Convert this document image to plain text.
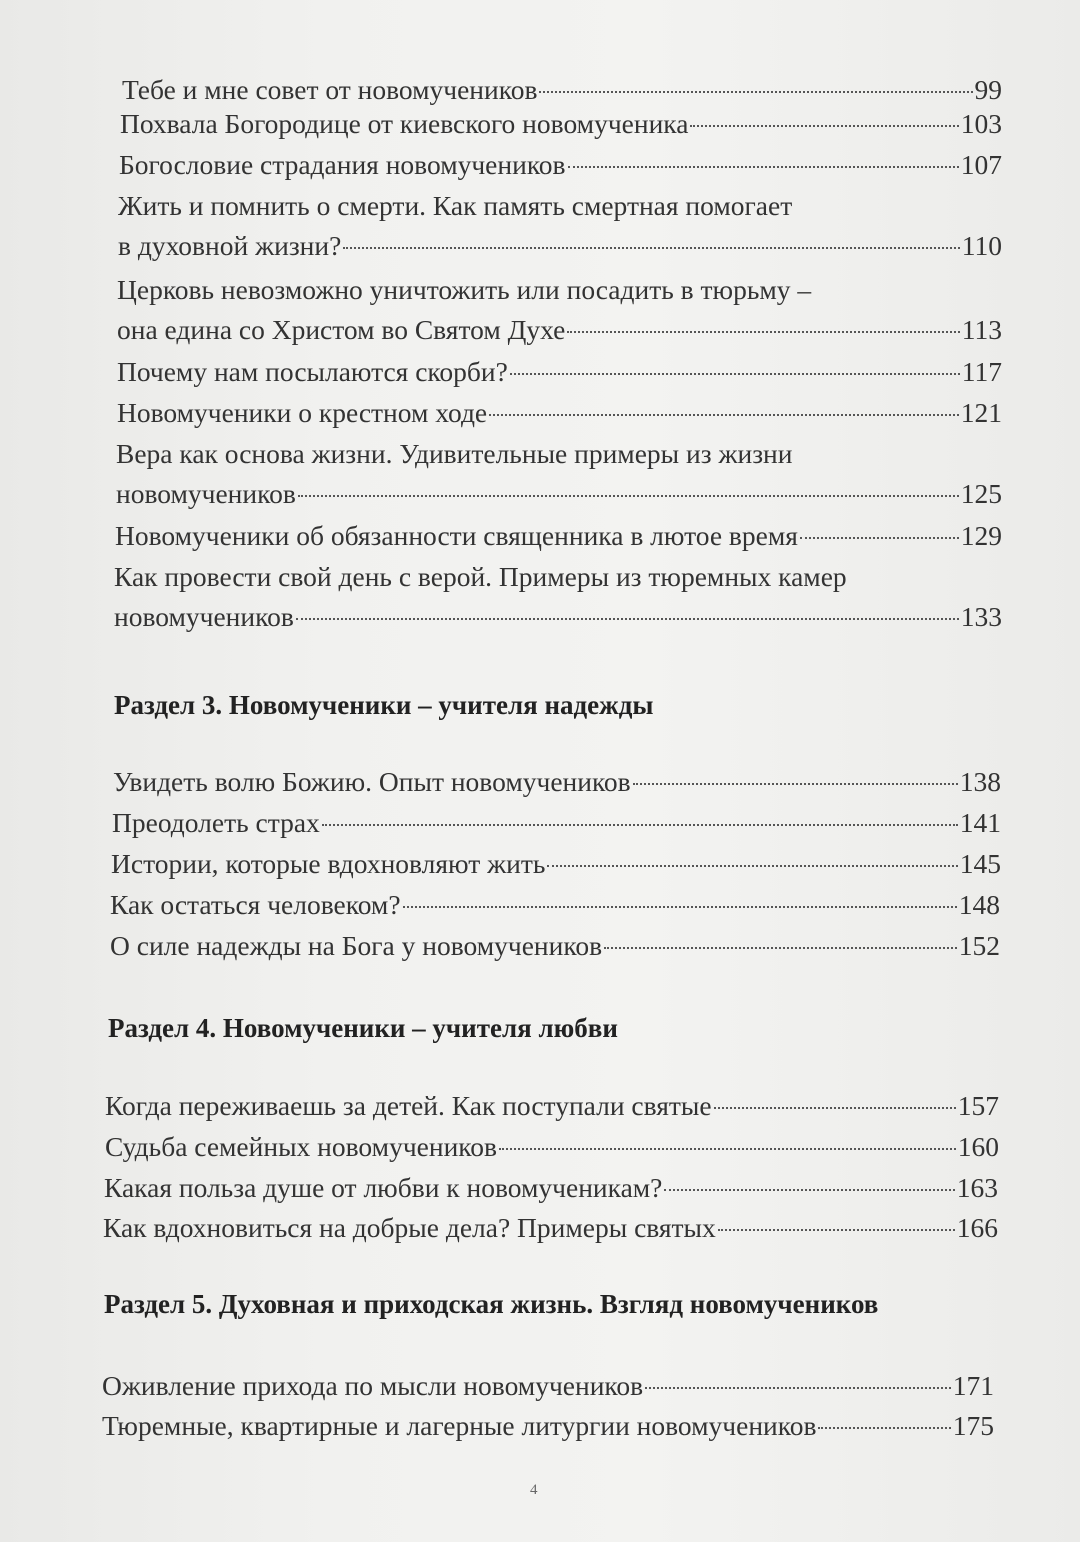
Тебе и мне совет от новомучеников	99
Похвала Богородице от киевского новомученика	103
Богословие страдания новомучеников	107
Жить и помнить о смерти. Как память смертная помогает
в духовной жизни?	110
Церковь невозможно уничтожить или посадить в тюрьму –
она едина со Христом во Святом Духе	113
Почему нам посылаются скорби?	117
Новомученики о крестном ходе	121
Вера как основа жизни. Удивительные примеры из жизни
новомучеников	125
Новомученики об обязанности священника в лютое время	129
Как провести свой день с верой. Примеры из тюремных камер
новомучеников	133
Раздел 3. Новомученики – учителя надежды
Увидеть волю Божию. Опыт новомучеников	138
Преодолеть страх	141
Истории, которые вдохновляют жить	145
Как остаться человеком?	148
О силе надежды на Бога у новомучеников	152
Раздел 4. Новомученики – учителя любви
Когда переживаешь за детей. Как поступали святые	157
Судьба семейных новомучеников	160
Какая польза душе от любви к новомученикам?	163
Как вдохновиться на добрые дела? Примеры святых	166
Раздел 5. Духовная и приходская жизнь. Взгляд новомучеников
Оживление прихода по мысли новомучеников	171
Тюремные, квартирные и лагерные литургии новомучеников	175
4
